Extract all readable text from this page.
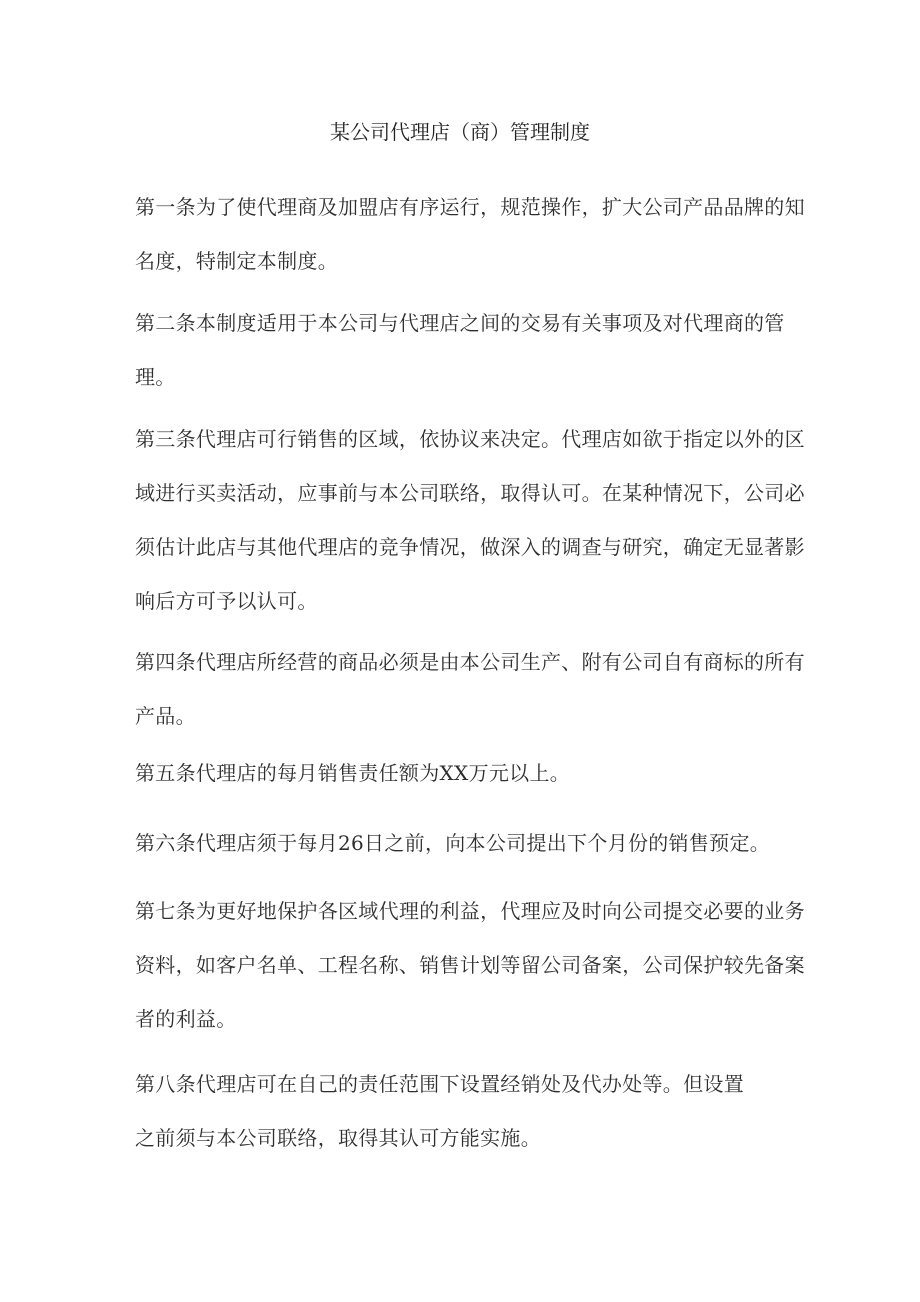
某公司代理店（商）管理制度

第一条为了使代理商及加盟店有序运行，规范操作，扩大公司产品品牌的知
名度，特制定本制度。

第二条本制度适用于本公司与代理店之间的交易有关事项及对代理商的管
理。

第三条代理店可行销售的区域，依协议来决定。代理店如欲于指定以外的区
域进行买卖活动，应事前与本公司联络，取得认可。在某种情况下，公司必
须估计此店与其他代理店的竞争情况，做深入的调查与研究，确定无显著影
响后方可予以认可。

第四条代理店所经营的商品必须是由本公司生产、附有公司自有商标的所有
产品。

第五条代理店的每月销售责任额为XX万元以上。

第六条代理店须于每月26日之前，向本公司提出下个月份的销售预定。

第七条为更好地保护各区域代理的利益，代理应及时向公司提交必要的业务
资料，如客户名单、工程名称、销售计划等留公司备案，公司保护较先备案
者的利益。

第八条代理店可在自己的责任范围下设置经销处及代办处等。但设置
之前须与本公司联络，取得其认可方能实施。
